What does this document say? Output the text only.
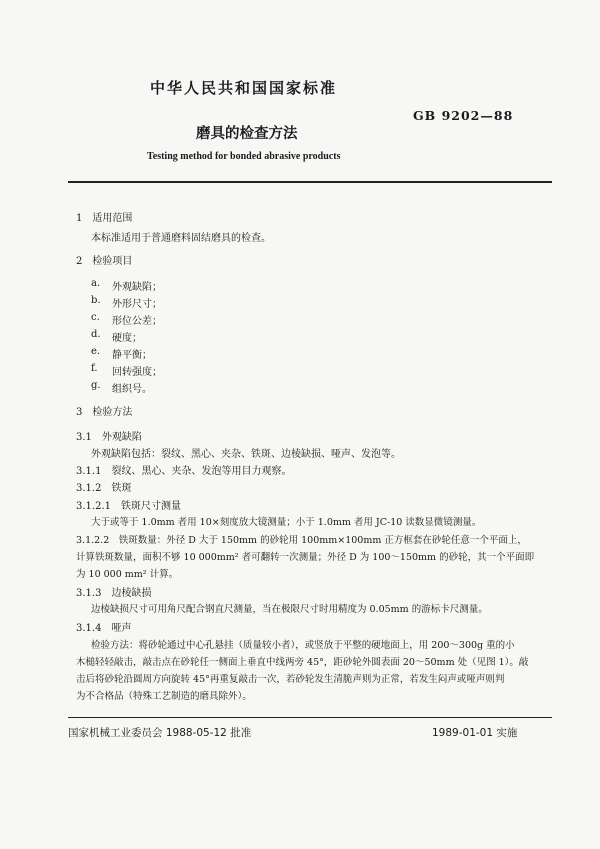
中华人民共和国国家标准
GB 9202—88
磨具的检查方法
Testing method for bonded abrasive products
1　适用范围
本标准适用于普通磨料固结磨具的检查。
2　检验项目
a. 外观缺陷；
b. 外形尺寸；
c. 形位公差；
d. 硬度；
e. 静平衡；
f. 回转强度；
g. 组织号。
3　检验方法
3.1　外观缺陷
外观缺陷包括：裂纹、黑心、夹杂、铁斑、边棱缺损、哑声、发泡等。
3.1.1　裂纹、黑心、夹杂、发泡等用目力观察。
3.1.2　铁斑
3.1.2.1　铁斑尺寸测量
大于或等于 1.0mm 者用 10×刻度放大镜测量；小于 1.0mm 者用 JC-10 读数显微镜测量。
3.1.2.2　铁斑数量：外径 D 大于 150mm 的砂轮用 100mm×100mm 正方框套在砂轮任意一个平面上，
计算铁斑数量，面积不够 10 000mm² 者可翻转一次测量；外径 D 为 100～150mm 的砂轮，其一个平面即
为 10 000 mm² 计算。
3.1.3　边棱缺损
边棱缺损尺寸可用角尺配合钢直尺测量，当在极限尺寸时用精度为 0.05mm 的游标卡尺测量。
3.1.4　哑声
检验方法：将砂轮通过中心孔悬挂（质量较小者），或竖放于平整的硬地面上，用 200～300g 重的小
木槌轻轻敲击，敲击点在砂轮任一侧面上垂直中线两旁 45°，距砂轮外圆表面 20～50mm 处（见图 1）。敲
击后将砂轮沿圆周方向旋转 45°再重复敲击一次，若砂轮发生清脆声则为正常，若发生闷声或哑声则判
为不合格品（特殊工艺制造的磨具除外）。
国家机械工业委员会 1988-05-12 批准	1989-01-01 实施
